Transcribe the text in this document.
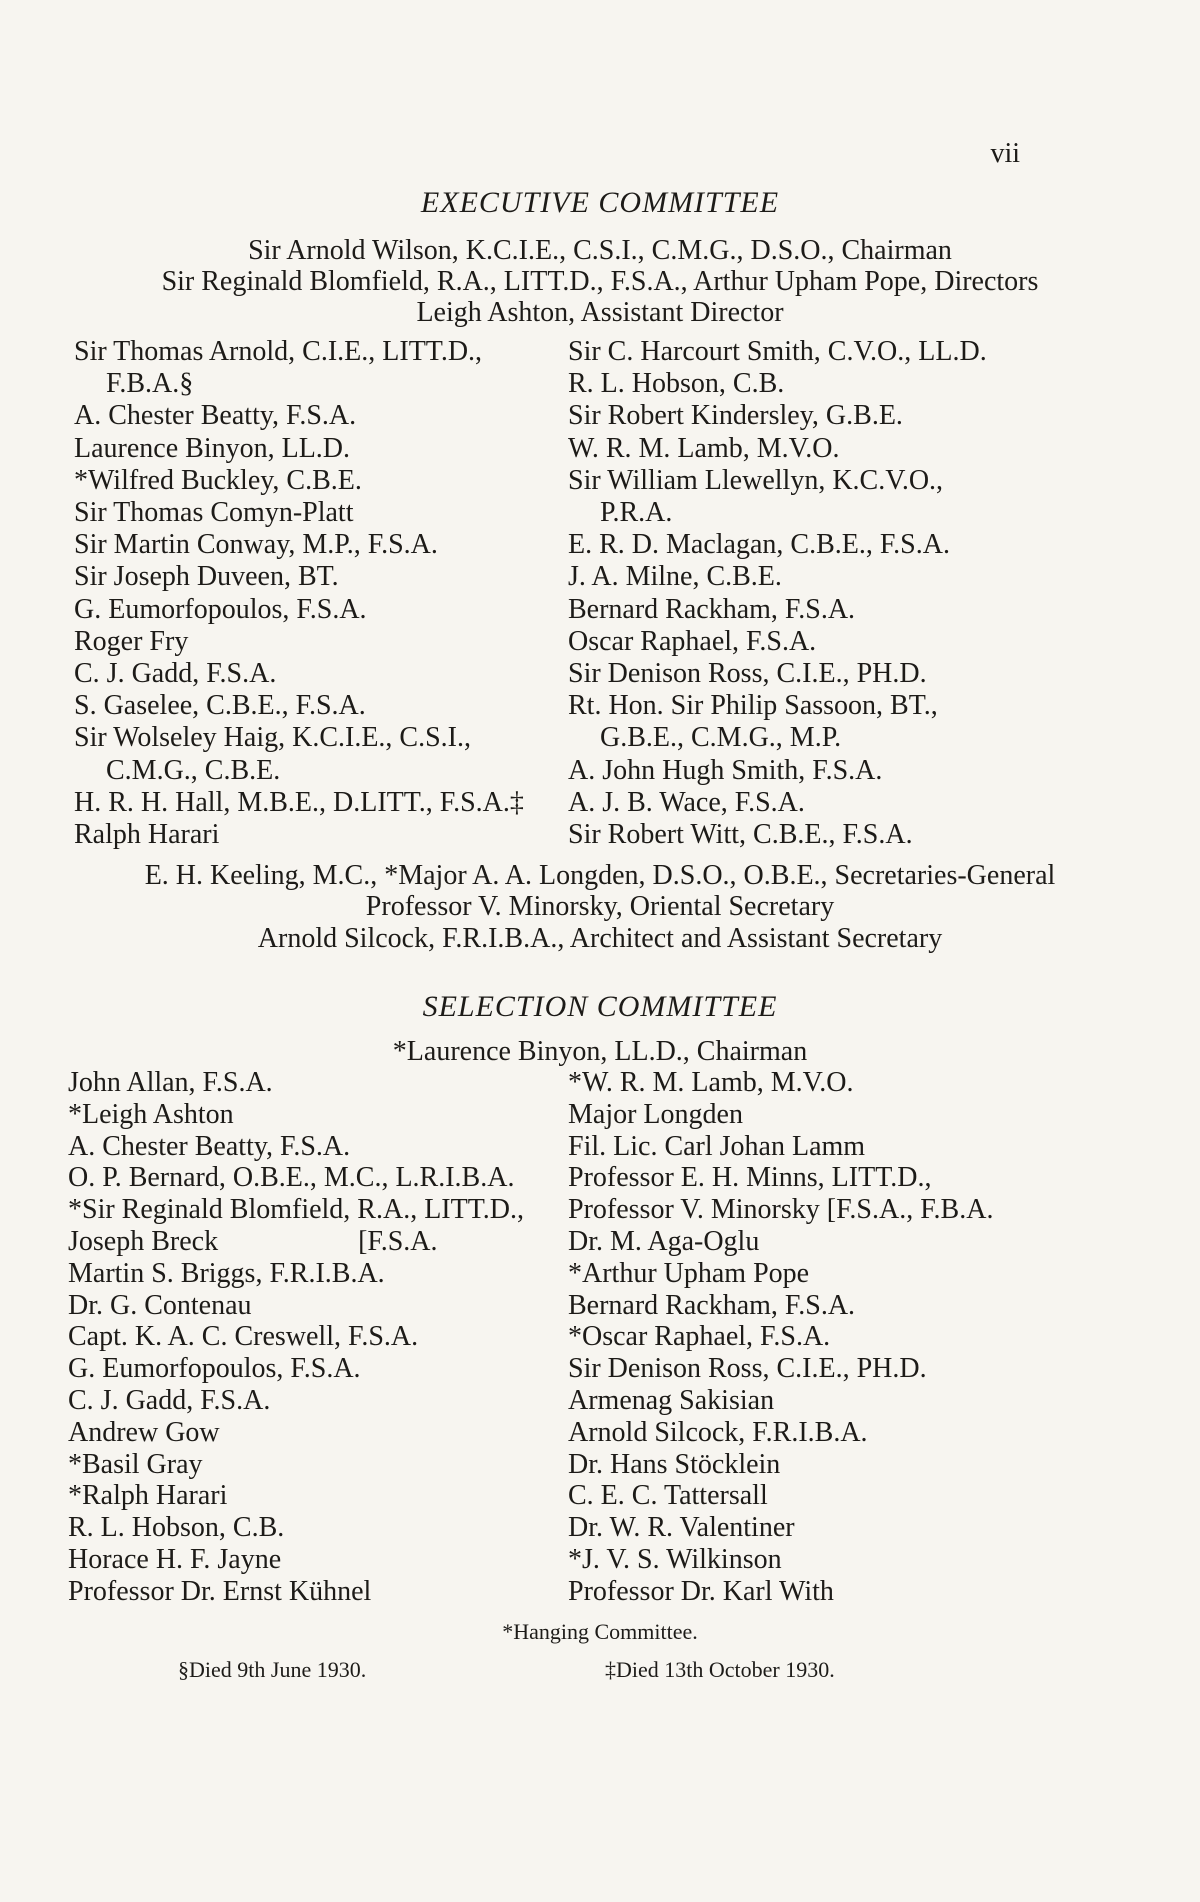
vii
EXECUTIVE COMMITTEE
Sir Arnold Wilson, K.C.I.E., C.S.I., C.M.G., D.S.O., Chairman
Sir Reginald Blomfield, R.A., LITT.D., F.S.A., Arthur Upham Pope, Directors
Leigh Ashton, Assistant Director
Sir Thomas Arnold, C.I.E., LITT.D.,
F.B.A.§
A. Chester Beatty, F.S.A.
Laurence Binyon, LL.D.
*Wilfred Buckley, C.B.E.
Sir Thomas Comyn-Platt
Sir Martin Conway, M.P., F.S.A.
Sir Joseph Duveen, BT.
G. Eumorfopoulos, F.S.A.
Roger Fry
C. J. Gadd, F.S.A.
S. Gaselee, C.B.E., F.S.A.
Sir Wolseley Haig, K.C.I.E., C.S.I.,
C.M.G., C.B.E.
H. R. H. Hall, M.B.E., D.LITT., F.S.A.‡
Ralph Harari
Sir C. Harcourt Smith, C.V.O., LL.D.
R. L. Hobson, C.B.
Sir Robert Kindersley, G.B.E.
W. R. M. Lamb, M.V.O.
Sir William Llewellyn, K.C.V.O.,
P.R.A.
E. R. D. Maclagan, C.B.E., F.S.A.
J. A. Milne, C.B.E.
Bernard Rackham, F.S.A.
Oscar Raphael, F.S.A.
Sir Denison Ross, C.I.E., PH.D.
Rt. Hon. Sir Philip Sassoon, BT.,
G.B.E., C.M.G., M.P.
A. John Hugh Smith, F.S.A.
A. J. B. Wace, F.S.A.
Sir Robert Witt, C.B.E., F.S.A.
E. H. Keeling, M.C., *Major A. A. Longden, D.S.O., O.B.E., Secretaries-General
Professor V. Minorsky, Oriental Secretary
Arnold Silcock, F.R.I.B.A., Architect and Assistant Secretary
SELECTION COMMITTEE
*Laurence Binyon, LL.D., Chairman
John Allan, F.S.A.
*Leigh Ashton
A. Chester Beatty, F.S.A.
O. P. Bernard, O.B.E., M.C., L.R.I.B.A.
*Sir Reginald Blomfield, R.A., LITT.D.,
Joseph Breck                    [F.S.A.
Martin S. Briggs, F.R.I.B.A.
Dr. G. Contenau
Capt. K. A. C. Creswell, F.S.A.
G. Eumorfopoulos, F.S.A.
C. J. Gadd, F.S.A.
Andrew Gow
*Basil Gray
*Ralph Harari
R. L. Hobson, C.B.
Horace H. F. Jayne
Professor Dr. Ernst Kühnel
*W. R. M. Lamb, M.V.O.
Major Longden
Fil. Lic. Carl Johan Lamm
Professor E. H. Minns, LITT.D.,
Professor V. Minorsky [F.S.A., F.B.A.
Dr. M. Aga-Oglu
*Arthur Upham Pope
Bernard Rackham, F.S.A.
*Oscar Raphael, F.S.A.
Sir Denison Ross, C.I.E., PH.D.
Armenag Sakisian
Arnold Silcock, F.R.I.B.A.
Dr. Hans Stöcklein
C. E. C. Tattersall
Dr. W. R. Valentiner
*J. V. S. Wilkinson
Professor Dr. Karl With
*Hanging Committee.
§Died 9th June 1930.	‡Died 13th October 1930.
